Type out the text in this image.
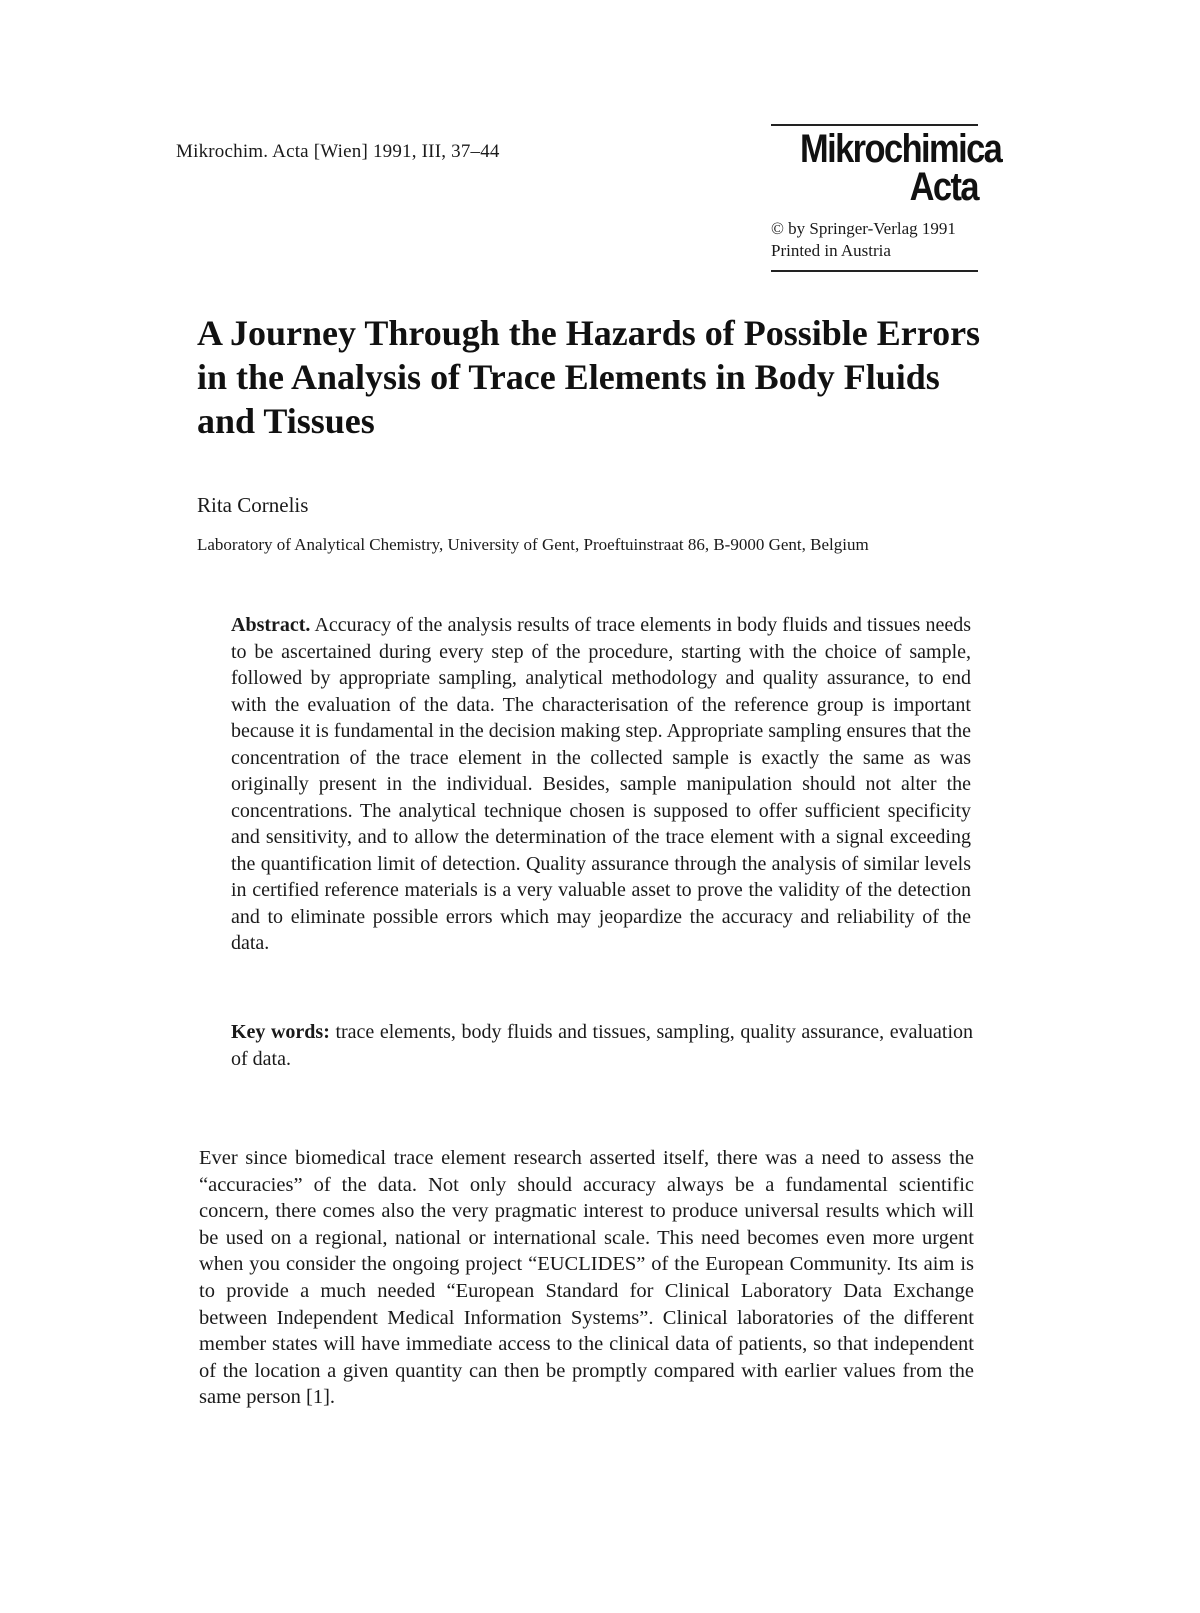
Mikrochim. Acta [Wien] 1991, III, 37–44	Mikrochimica
Acta
© by Springer-Verlag 1991
Printed in Austria
A Journey Through the Hazards of Possible Errors
in the Analysis of Trace Elements in Body Fluids
and Tissues
Rita Cornelis
Laboratory of Analytical Chemistry, University of Gent, Proeftuinstraat 86, B-9000 Gent, Belgium

Abstract. Accuracy of the analysis results of trace elements in body fluids and tissues needs to be ascertained during every step of the procedure, starting with the choice of sample, followed by appropriate sampling, analytical methodology and quality assurance, to end with the evaluation of the data. The characterisation of the reference group is important because it is fundamental in the decision making step. Appropriate sampling ensures that the concentration of the trace element in the collected sample is exactly the same as was originally present in the individual. Besides, sample manipulation should not alter the concentrations. The analytical technique chosen is supposed to offer sufficient specificity and sensitivity, and to allow the determination of the trace element with a signal exceeding the quantification limit of detection. Quality assurance through the analysis of similar levels in certified reference materials is a very valuable asset to prove the validity of the detection and to eliminate possible errors which may jeopardize the accuracy and reliability of the data.

Key words: trace elements, body fluids and tissues, sampling, quality assurance, evaluation of data.

Ever since biomedical trace element research asserted itself, there was a need to assess the “accuracies” of the data. Not only should accuracy always be a fundamental scientific concern, there comes also the very pragmatic interest to produce universal results which will be used on a regional, national or international scale. This need becomes even more urgent when you consider the ongoing project “EUCLIDES” of the European Community. Its aim is to provide a much needed “European Standard for Clinical Laboratory Data Exchange between Independent Medical Information Systems”. Clinical laboratories of the different member states will have immediate access to the clinical data of patients, so that independent of the location a given quantity can then be promptly compared with earlier values from the same person [1].
